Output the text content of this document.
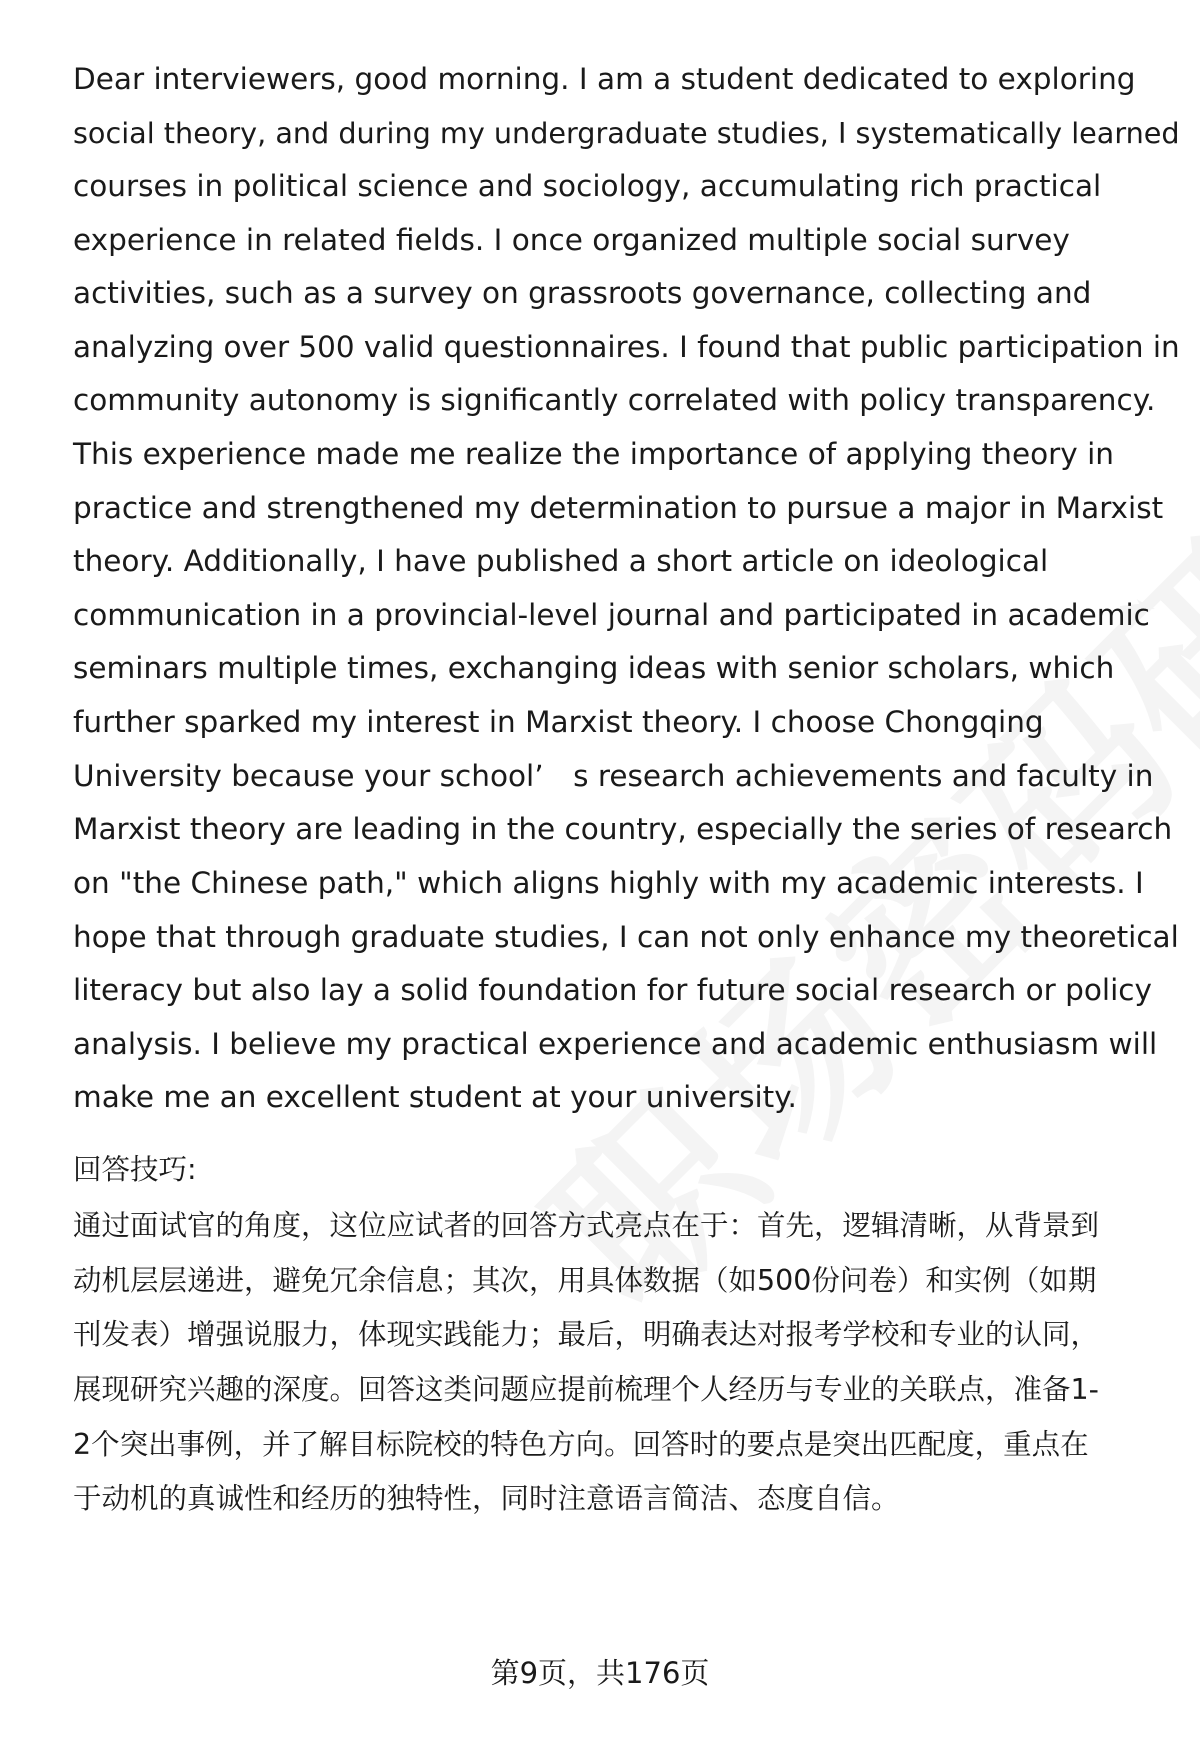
Dear interviewers, good morning. I am a student dedicated to exploring
social theory, and during my undergraduate studies, I systematically learned
courses in political science and sociology, accumulating rich practical
experience in related fields. I once organized multiple social survey
activities, such as a survey on grassroots governance, collecting and
analyzing over 500 valid questionnaires. I found that public participation in
community autonomy is significantly correlated with policy transparency.
This experience made me realize the importance of applying theory in
practice and strengthened my determination to pursue a major in Marxist
theory. Additionally, I have published a short article on ideological
communication in a provincial-level journal and participated in academic
seminars multiple times, exchanging ideas with senior scholars, which
further sparked my interest in Marxist theory. I choose Chongqing
University because your school’　s research achievements and faculty in
Marxist theory are leading in the country, especially the series of research
on "the Chinese path," which aligns highly with my academic interests. I
hope that through graduate studies, I can not only enhance my theoretical
literacy but also lay a solid foundation for future social research or policy
analysis. I believe my practical experience and academic enthusiasm will
make me an excellent student at your university.
回答技巧:
通过面试官的角度，这位应试者的回答方式亮点在于：首先，逻辑清晰，从背景到
动机层层递进，避免冗余信息；其次，用具体数据（如500份问卷）和实例（如期
刊发表）增强说服力，体现实践能力；最后，明确表达对报考学校和专业的认同，
展现研究兴趣的深度。回答这类问题应提前梳理个人经历与专业的关联点，准备1-
2个突出事例，并了解目标院校的特色方向。回答时的要点是突出匹配度，重点在
于动机的真诚性和经历的独特性，同时注意语言简洁、态度自信。
第9页，共176页
